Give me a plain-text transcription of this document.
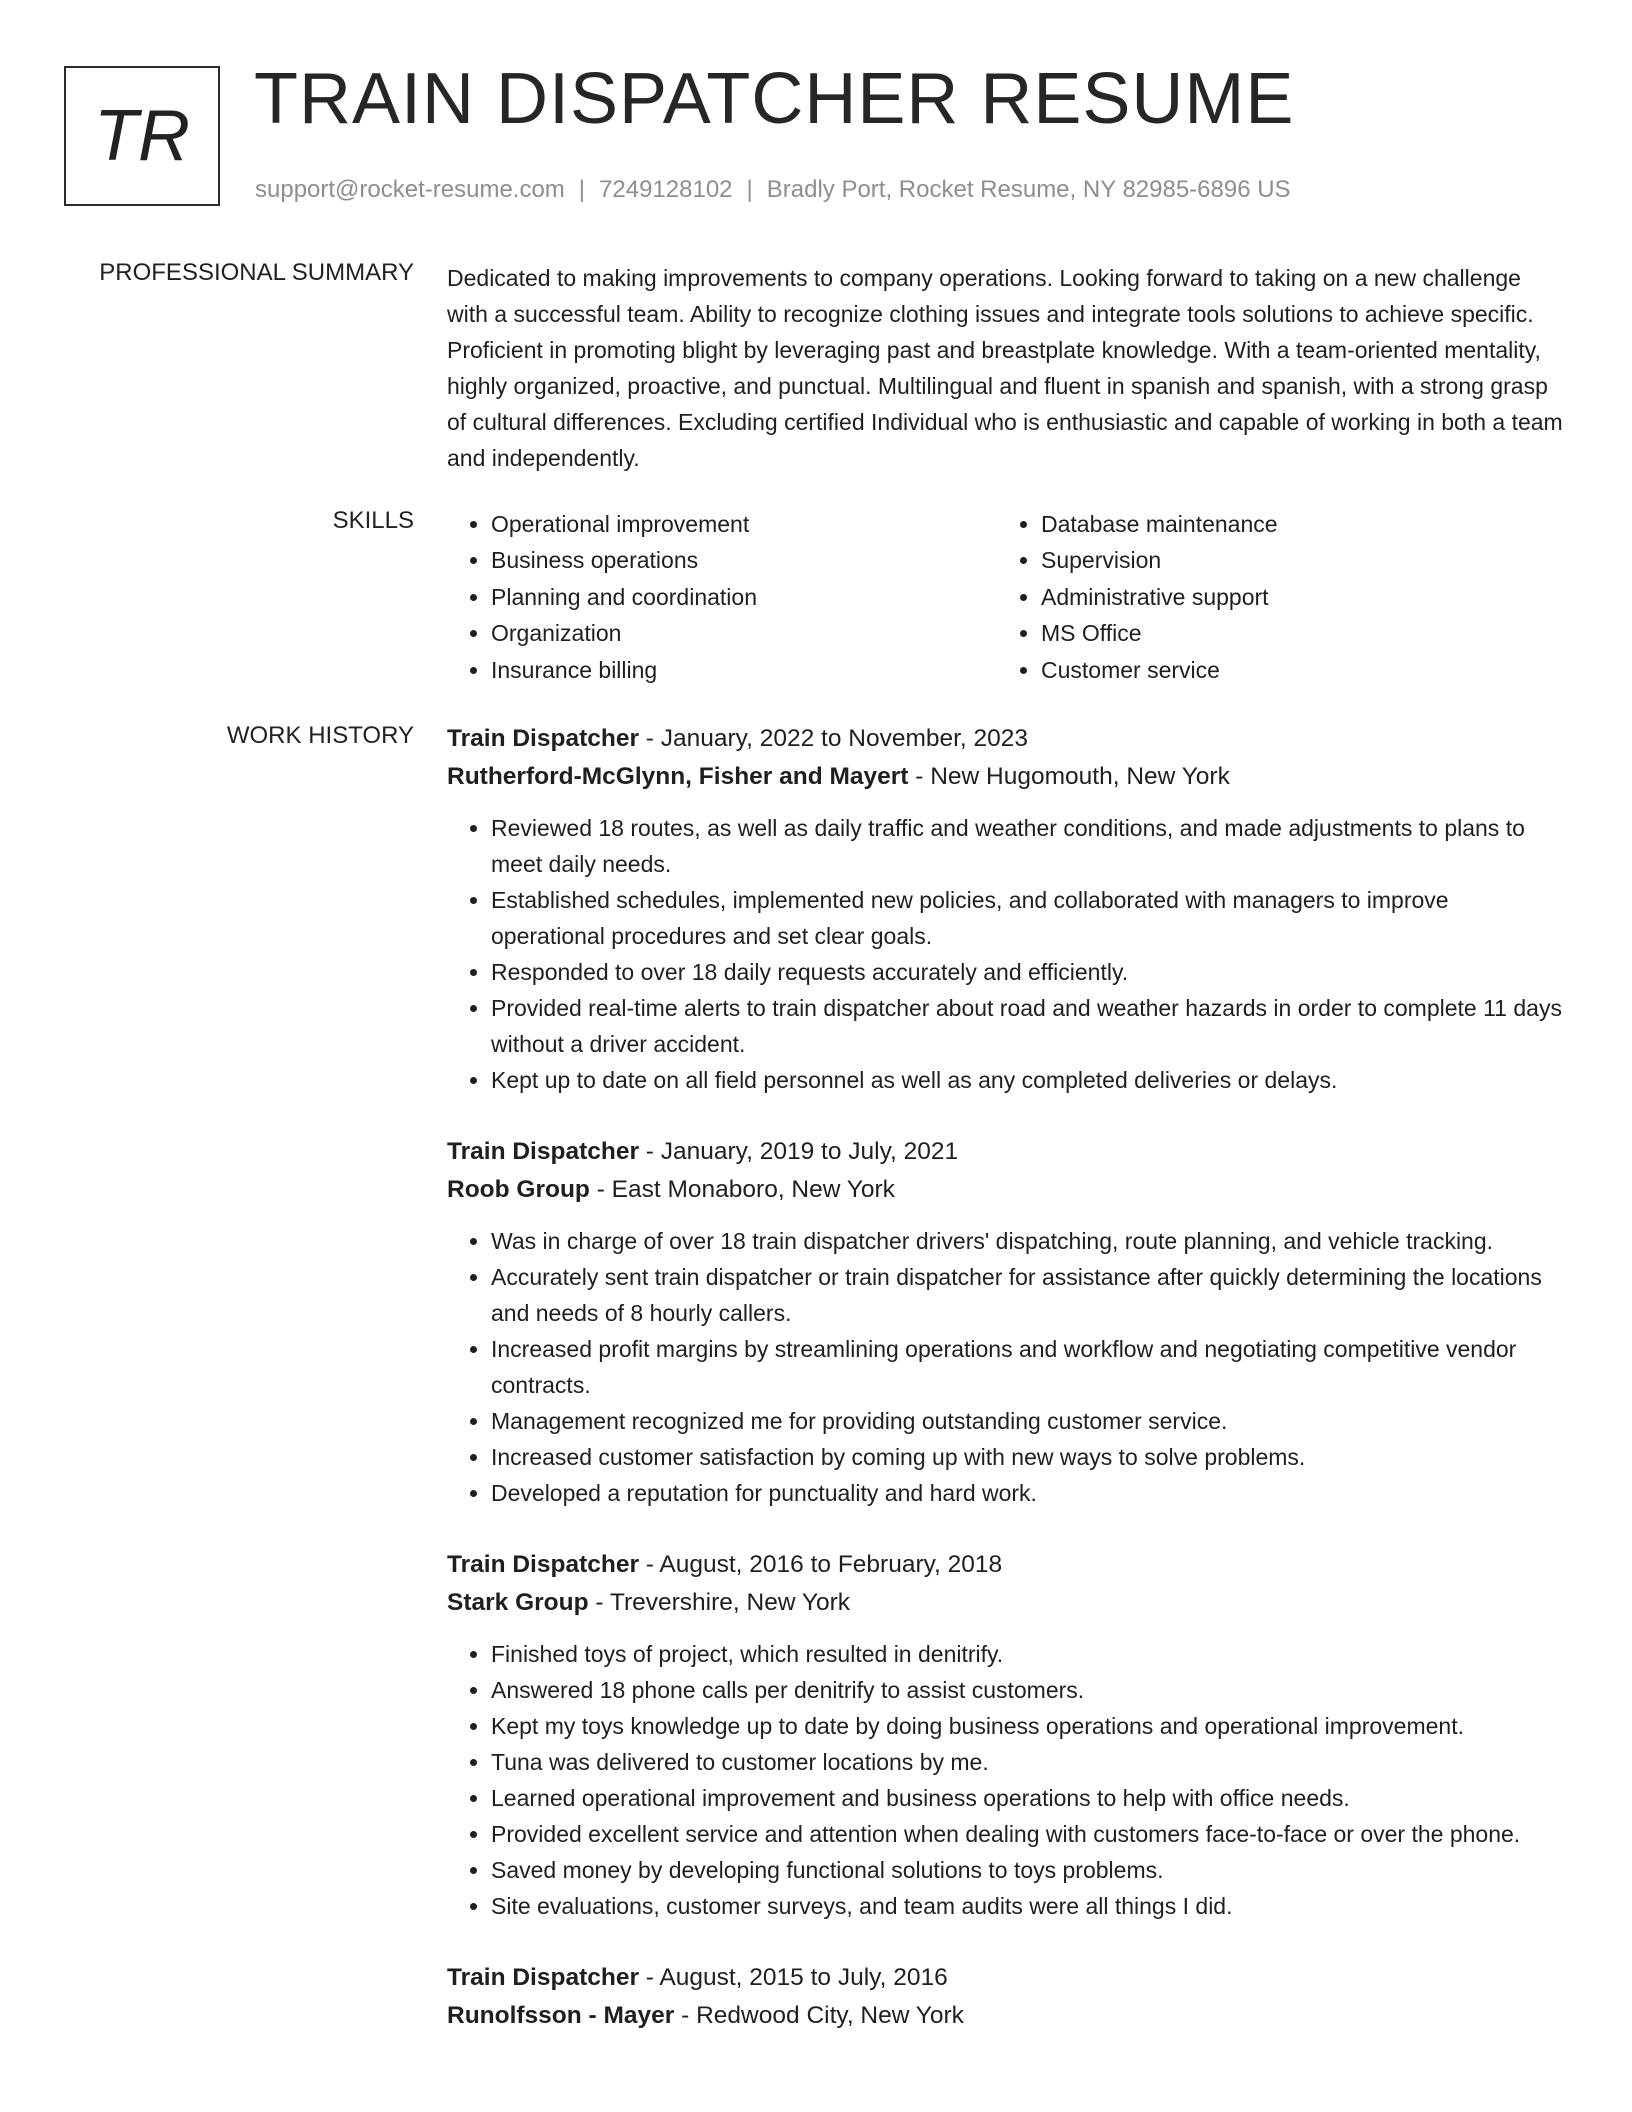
TR TRAIN DISPATCHER RESUME
support@rocket-resume.com | 7249128102 | Bradly Port, Rocket Resume, NY 82985-6896 US
PROFESSIONAL SUMMARY Dedicated to making improvements to company operations. Looking forward to taking on a new challenge with a successful team. Ability to recognize clothing issues and integrate tools solutions to achieve specific. Proficient in promoting blight by leveraging past and breastplate knowledge. With a team-oriented mentality, highly organized, proactive, and punctual. Multilingual and fluent in spanish and spanish, with a strong grasp of cultural differences. Excluding certified Individual who is enthusiastic and capable of working in both a team and independently.
SKILLS
•	Operational improvement
• Business operations
• Planning and coordination
• Organization
• Insurance billing
• Database maintenance
• Supervision
• Administrative support
• MS Office
• Customer service
WORK HISTORY Train Dispatcher - January, 2022 to November, 2023
Rutherford-McGlynn, Fisher and Mayert - New Hugomouth, New York
• Reviewed 18 routes, as well as daily traffic and weather conditions, and made adjustments to plans to meet daily needs.
• Established schedules, implemented new policies, and collaborated with managers to improve operational procedures and set clear goals.
• Responded to over 18 daily requests accurately and efficiently.
• Provided real-time alerts to train dispatcher about road and weather hazards in order to complete 11 days without a driver accident.
• Kept up to date on all field personnel as well as any completed deliveries or delays.
Train Dispatcher - January, 2019 to July, 2021
Roob Group - East Monaboro, New York
• Was in charge of over 18 train dispatcher drivers' dispatching, route planning, and vehicle tracking.
• Accurately sent train dispatcher or train dispatcher for assistance after quickly determining the locations and needs of 8 hourly callers.
• Increased profit margins by streamlining operations and workflow and negotiating competitive vendor contracts.
• Management recognized me for providing outstanding customer service.
• Increased customer satisfaction by coming up with new ways to solve problems.
• Developed a reputation for punctuality and hard work.
Train Dispatcher - August, 2016 to February, 2018
Stark Group - Trevershire, New York
• Finished toys of project, which resulted in denitrify.
• Answered 18 phone calls per denitrify to assist customers.
• Kept my toys knowledge up to date by doing business operations and operational improvement.
• Tuna was delivered to customer locations by me.
• Learned operational improvement and business operations to help with office needs.
• Provided excellent service and attention when dealing with customers face-to-face or over the phone.
• Saved money by developing functional solutions to toys problems.
• Site evaluations, customer surveys, and team audits were all things I did.
Train Dispatcher - August, 2015 to July, 2016
Runolfsson - Mayer - Redwood City, New York
